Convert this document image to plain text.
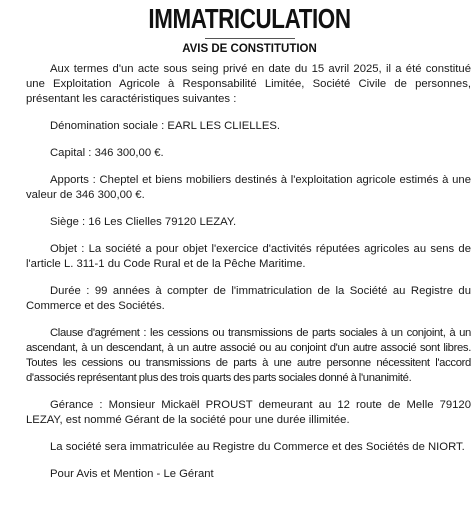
IMMATRICULATION
AVIS DE CONSTITUTION

Aux termes d'un acte sous seing privé en date du 15 avril 2025, il a été constitué une Exploitation Agricole à Responsabilité Limitée, Société Civile de personnes, présentant les caractéristiques suivantes :

Dénomination sociale : EARL LES CLIELLES.

Capital : 346 300,00 €.

Apports : Cheptel et biens mobiliers destinés à l'exploitation agricole estimés à une valeur de 346 300,00 €.

Siège : 16 Les Clielles 79120 LEZAY.

Objet : La société a pour objet l'exercice d'activités réputées agricoles au sens de l'article L. 311-1 du Code Rural et de la Pêche Maritime.

Durée : 99 années à compter de l'immatriculation de la Société au Registre du Commerce et des Sociétés.

Clause d'agrément : les cessions ou transmissions de parts sociales à un conjoint, à un ascendant, à un descendant, à un autre associé ou au conjoint d'un autre associé sont libres. Toutes les cessions ou transmissions de parts à une autre personne nécessitent l'accord d'associés représentant plus des trois quarts des parts sociales donné à l'unanimité.

Gérance : Monsieur Mickaël PROUST demeurant au 12 route de Melle 79120 LEZAY, est nommé Gérant de la société pour une durée illimitée.

La société sera immatriculée au Registre du Commerce et des Sociétés de NIORT.

Pour Avis et Mention - Le Gérant
